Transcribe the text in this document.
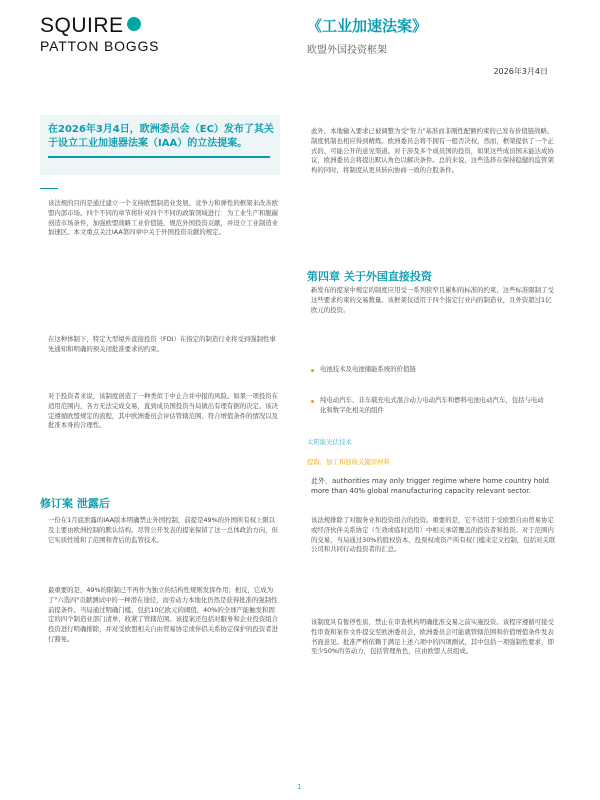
SQUIRE
PATTON BOGGS
《工业加速法案》
欧盟外国投资框架
2026年3月4日
在2026年3月4日，欧洲委员会（EC）发布了其关于设立工业加速器法案（IAA）的立法提案。
该法规的目的是通过建立一个支持欧盟制造业发展、竞争力和弹性的框架来改善欧盟内部市场。四个不同的章节将针对四个不同的政策领域进行：为工业生产和脱碳创造市场条件，加强欧盟战略工业价值链，规范外国投资贡献，并设立工业制造业加速区。本文重点关注IAA第四章中关于外国投资贡献的规定。
在这种体制下，特定大型境外直接投资（FDI）在指定的制造行业将受到强制性事先通知和明确的预关闭批准要求的约束。
对于投资者来说，该制度创造了一种类似于中止合并申报的风险。如果一项投资在适用范围内，各方无法完成交易，直到成员国投资当局做出有理有据的决定。该决定遵循欧盟规定的流程，其中欧洲委员会评估管辖范围、符合增值条件的情况以及批准本身的合理性。
修订案 泄露后
一份在1月底泄露的IAA版本明确禁止外国控制，前提是49%的外国所有权上限以及主要由欧洲控制的默认结构。尽管公开发表的提案保留了这一总体政治方向，但它实质性缓和了范围和背后的监管技术。
最重要的是，49%的限制已不再作为独立的结构性规则发挥作用；相反，它成为了"六选四"贡献测试中的一种潜在途径，而劳动力本地化仍然是获得批准的强制性前提条件。当局通过明确门槛，包括10亿欧元的阈值，40%的全球产能触发和固定的四个制造业部门清单，收紧了管辖范围。该提案还包括对服务和企业投资组合投资进行明确排除，并对受欧盟相关自由贸易协定或伴侣关系协定保护的投资者进行豁免。
此外，本地输入要求已被调整为受"努力"基准而非刚性配额约束的已发布价值链战略。制度机制也相应得到精炼。欧洲委员会将不拥有一般否决权，然而，框架提供了一个正式的、可能公开的意见渠道。对于涉及多个成员国的投资，如果这些成员国未能达成协议，欧洲委员会将提出默认角色以解决条件。总的来说，这些选择在保持稳健的监管架构的同时，将制度从更具转向协商一致的合股条件。
第四章 关于外国直接投资
新发布的提案中规定的制度应用受一系列狭窄且累积的标准的约束，这些标准限制了受这些要求约束的交易数量。该框架仅适用于四个指定行业内的制造业，且外资超过1亿欧元的投资。
电池技术及电池储能系统的价值链
纯电动汽车、非车载充电式混合动力电动汽车和燃料电池电动汽车，包括与电动化和数字化相关的组件
太阳能光伏技术
提取、加工和回收关键原材料
此外，authorities may only trigger regime where home country hold more than 40% global manufacturing capacity relevant sector.
该法规排除了对服务业和投资组合的投资。重要的是，它不适用于受欧盟自由贸易协定或经济伙伴关系协定（生效或临时适用）中相关承诺覆盖的投资者和投资。对于范围内的交易，当局通过30%的股权资本、投票权或资产所有权门槛来定义控制，包括对关联公司和共同行动投资者的汇总。
该制度具有暂停性质，禁止在审查机构明确批准交易之前实施投资。该程序遵循可接受性审查和案件文件提交至欧洲委员会，欧洲委员会可能就管辖范围和价值增值条件发表书面意见。批准严格依赖于满足上述六项中的四项测试，其中包括一项强制性要求，即至少50%的劳动力，包括管理角色，应由欧盟人员组成。
1
